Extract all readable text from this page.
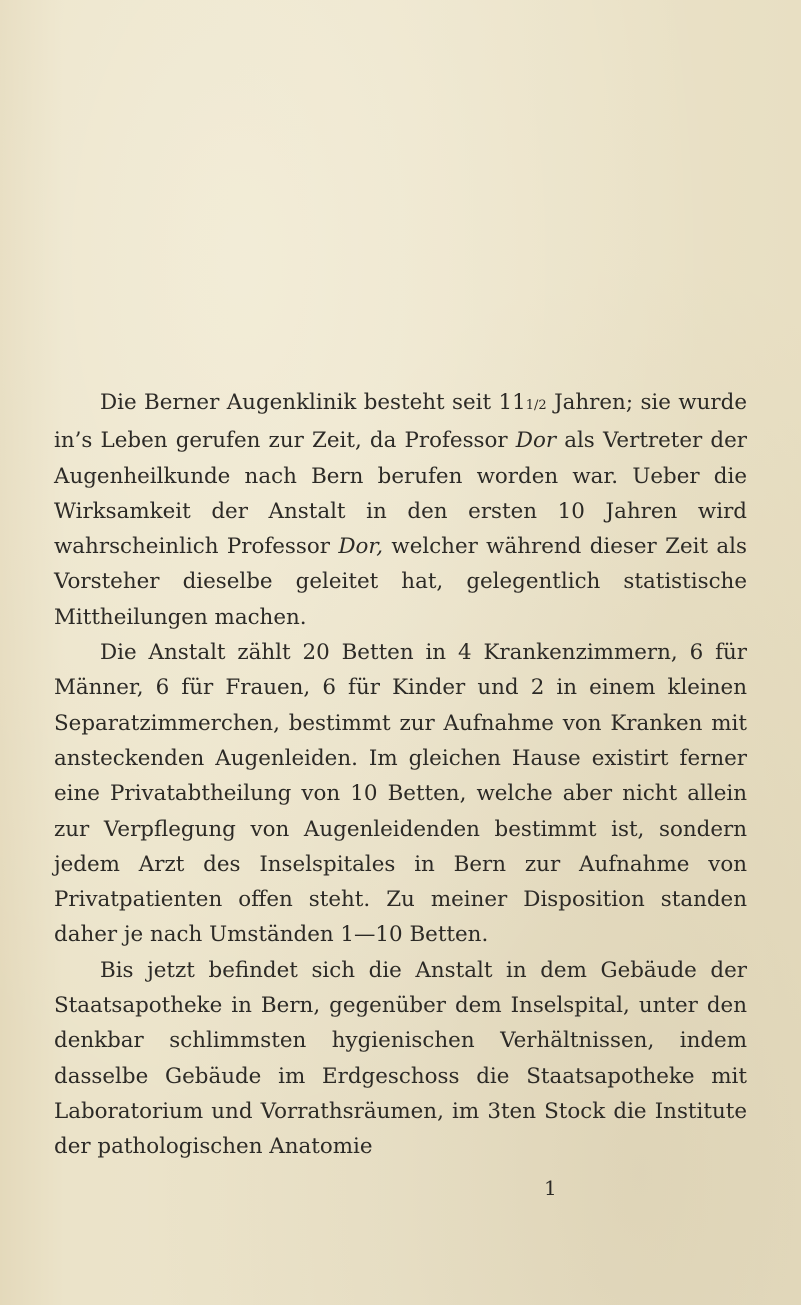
Die Berner Augenklinik besteht seit 111/2 Jahren; sie wurde in’s Leben gerufen zur Zeit, da Professor Dor als Vertreter der Augenheilkunde nach Bern berufen worden war. Ueber die Wirksamkeit der Anstalt in den ersten 10 Jahren wird wahrscheinlich Professor Dor, welcher während dieser Zeit als Vorsteher dieselbe geleitet hat, gelegentlich statistische Mittheilungen machen.

Die Anstalt zählt 20 Betten in 4 Krankenzimmern, 6 für Männer, 6 für Frauen, 6 für Kinder und 2 in einem kleinen Separatzimmerchen, bestimmt zur Aufnahme von Kranken mit ansteckenden Augenleiden. Im gleichen Hause existirt ferner eine Privatabtheilung von 10 Betten, welche aber nicht allein zur Verpflegung von Augenleidenden bestimmt ist, sondern jedem Arzt des Inselspitales in Bern zur Aufnahme von Privatpatienten offen steht. Zu meiner Disposition standen daher je nach Umständen 1—10 Betten.

Bis jetzt befindet sich die Anstalt in dem Gebäude der Staatsapotheke in Bern, gegenüber dem Inselspital, unter den denkbar schlimmsten hygienischen Verhältnissen, indem dasselbe Gebäude im Erdgeschoss die Staatsapotheke mit Laboratorium und Vorrathsräumen, im 3ten Stock die Institute der pathologischen Anatomie

1
